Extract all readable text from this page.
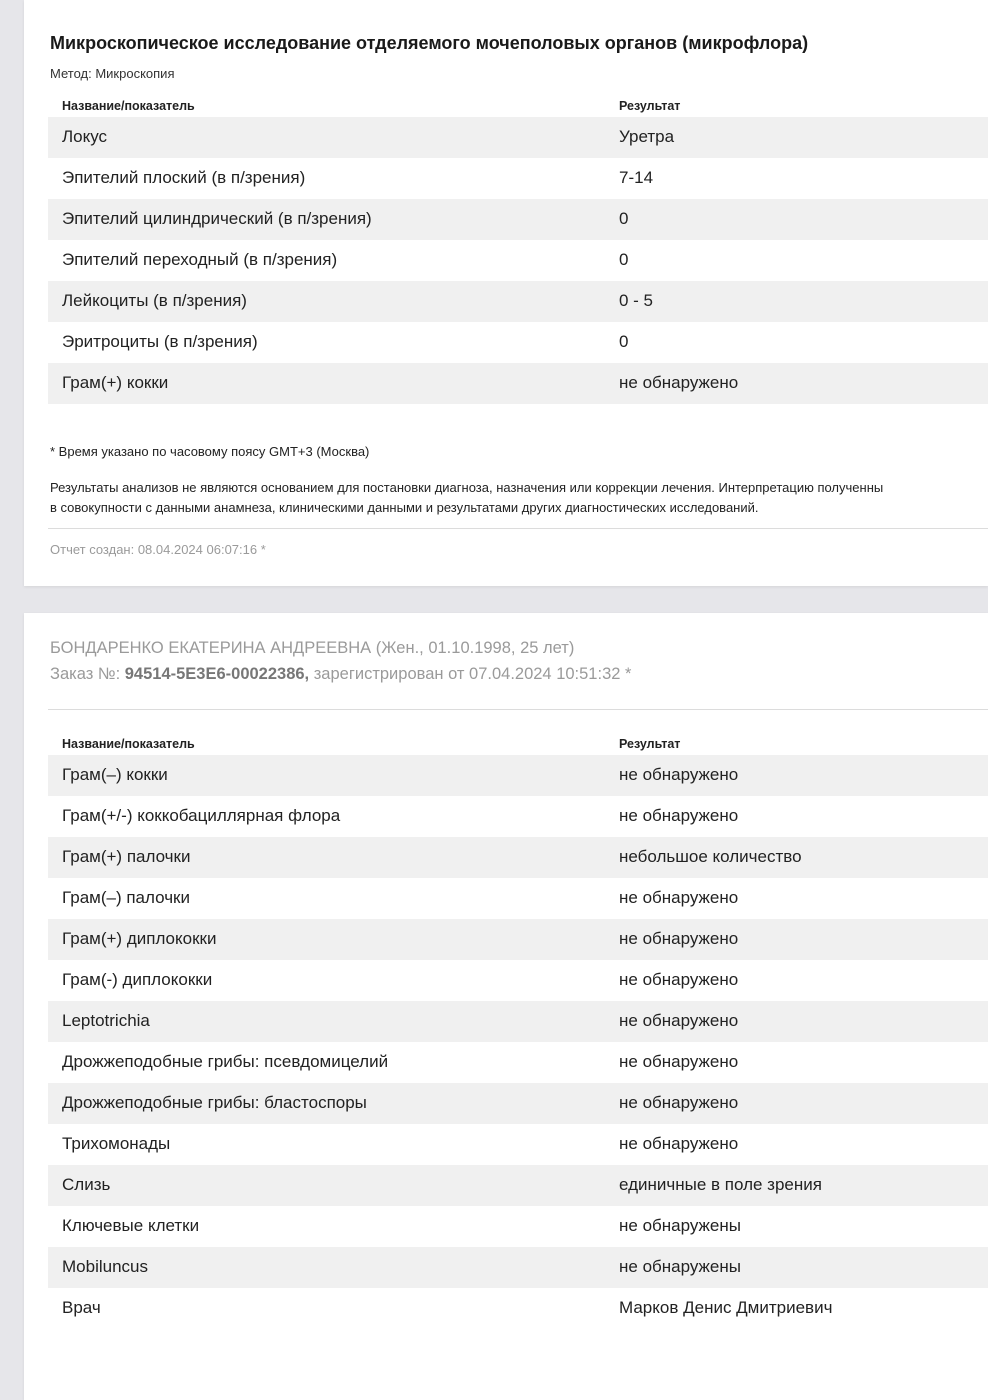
Микроскопическое исследование отделяемого мочеполовых органов (микрофлора)
Метод: Микроскопия
Название/показатель	Результат
Локус	Уретра
Эпителий плоский (в п/зрения)	7-14
Эпителий цилиндрический (в п/зрения)	0
Эпителий переходный (в п/зрения)	0
Лейкоциты (в п/зрения)	0 - 5
Эритроциты (в п/зрения)	0
Грам(+) кокки	не обнаружено
* Время указано по часовому поясу GMT+3 (Москва)
Результаты анализов не являются основанием для постановки диагноза, назначения или коррекции лечения. Интерпретацию полученны
в совокупности с данными анамнеза, клиническими данными и результатами других диагностических исследований.
Отчет создан: 08.04.2024 06:07:16 *
БОНДАРЕНКО ЕКАТЕРИНА АНДРЕЕВНА (Жен., 01.10.1998, 25 лет)
Заказ №: 94514-5E3E6-00022386, зарегистрирован от 07.04.2024 10:51:32 *
Название/показатель	Результат
Грам(–) кокки	не обнаружено
Грам(+/-) коккобациллярная флора	не обнаружено
Грам(+) палочки	небольшое количество
Грам(–) палочки	не обнаружено
Грам(+) диплококки	не обнаружено
Грам(-) диплококки	не обнаружено
Leptotrichia	не обнаружено
Дрожжеподобные грибы: псевдомицелий	не обнаружено
Дрожжеподобные грибы: бластоспоры	не обнаружено
Трихомонады	не обнаружено
Слизь	единичные в поле зрения
Ключевые клетки	не обнаружены
Mobiluncus	не обнаружены
Врач	Марков Денис Дмитриевич
